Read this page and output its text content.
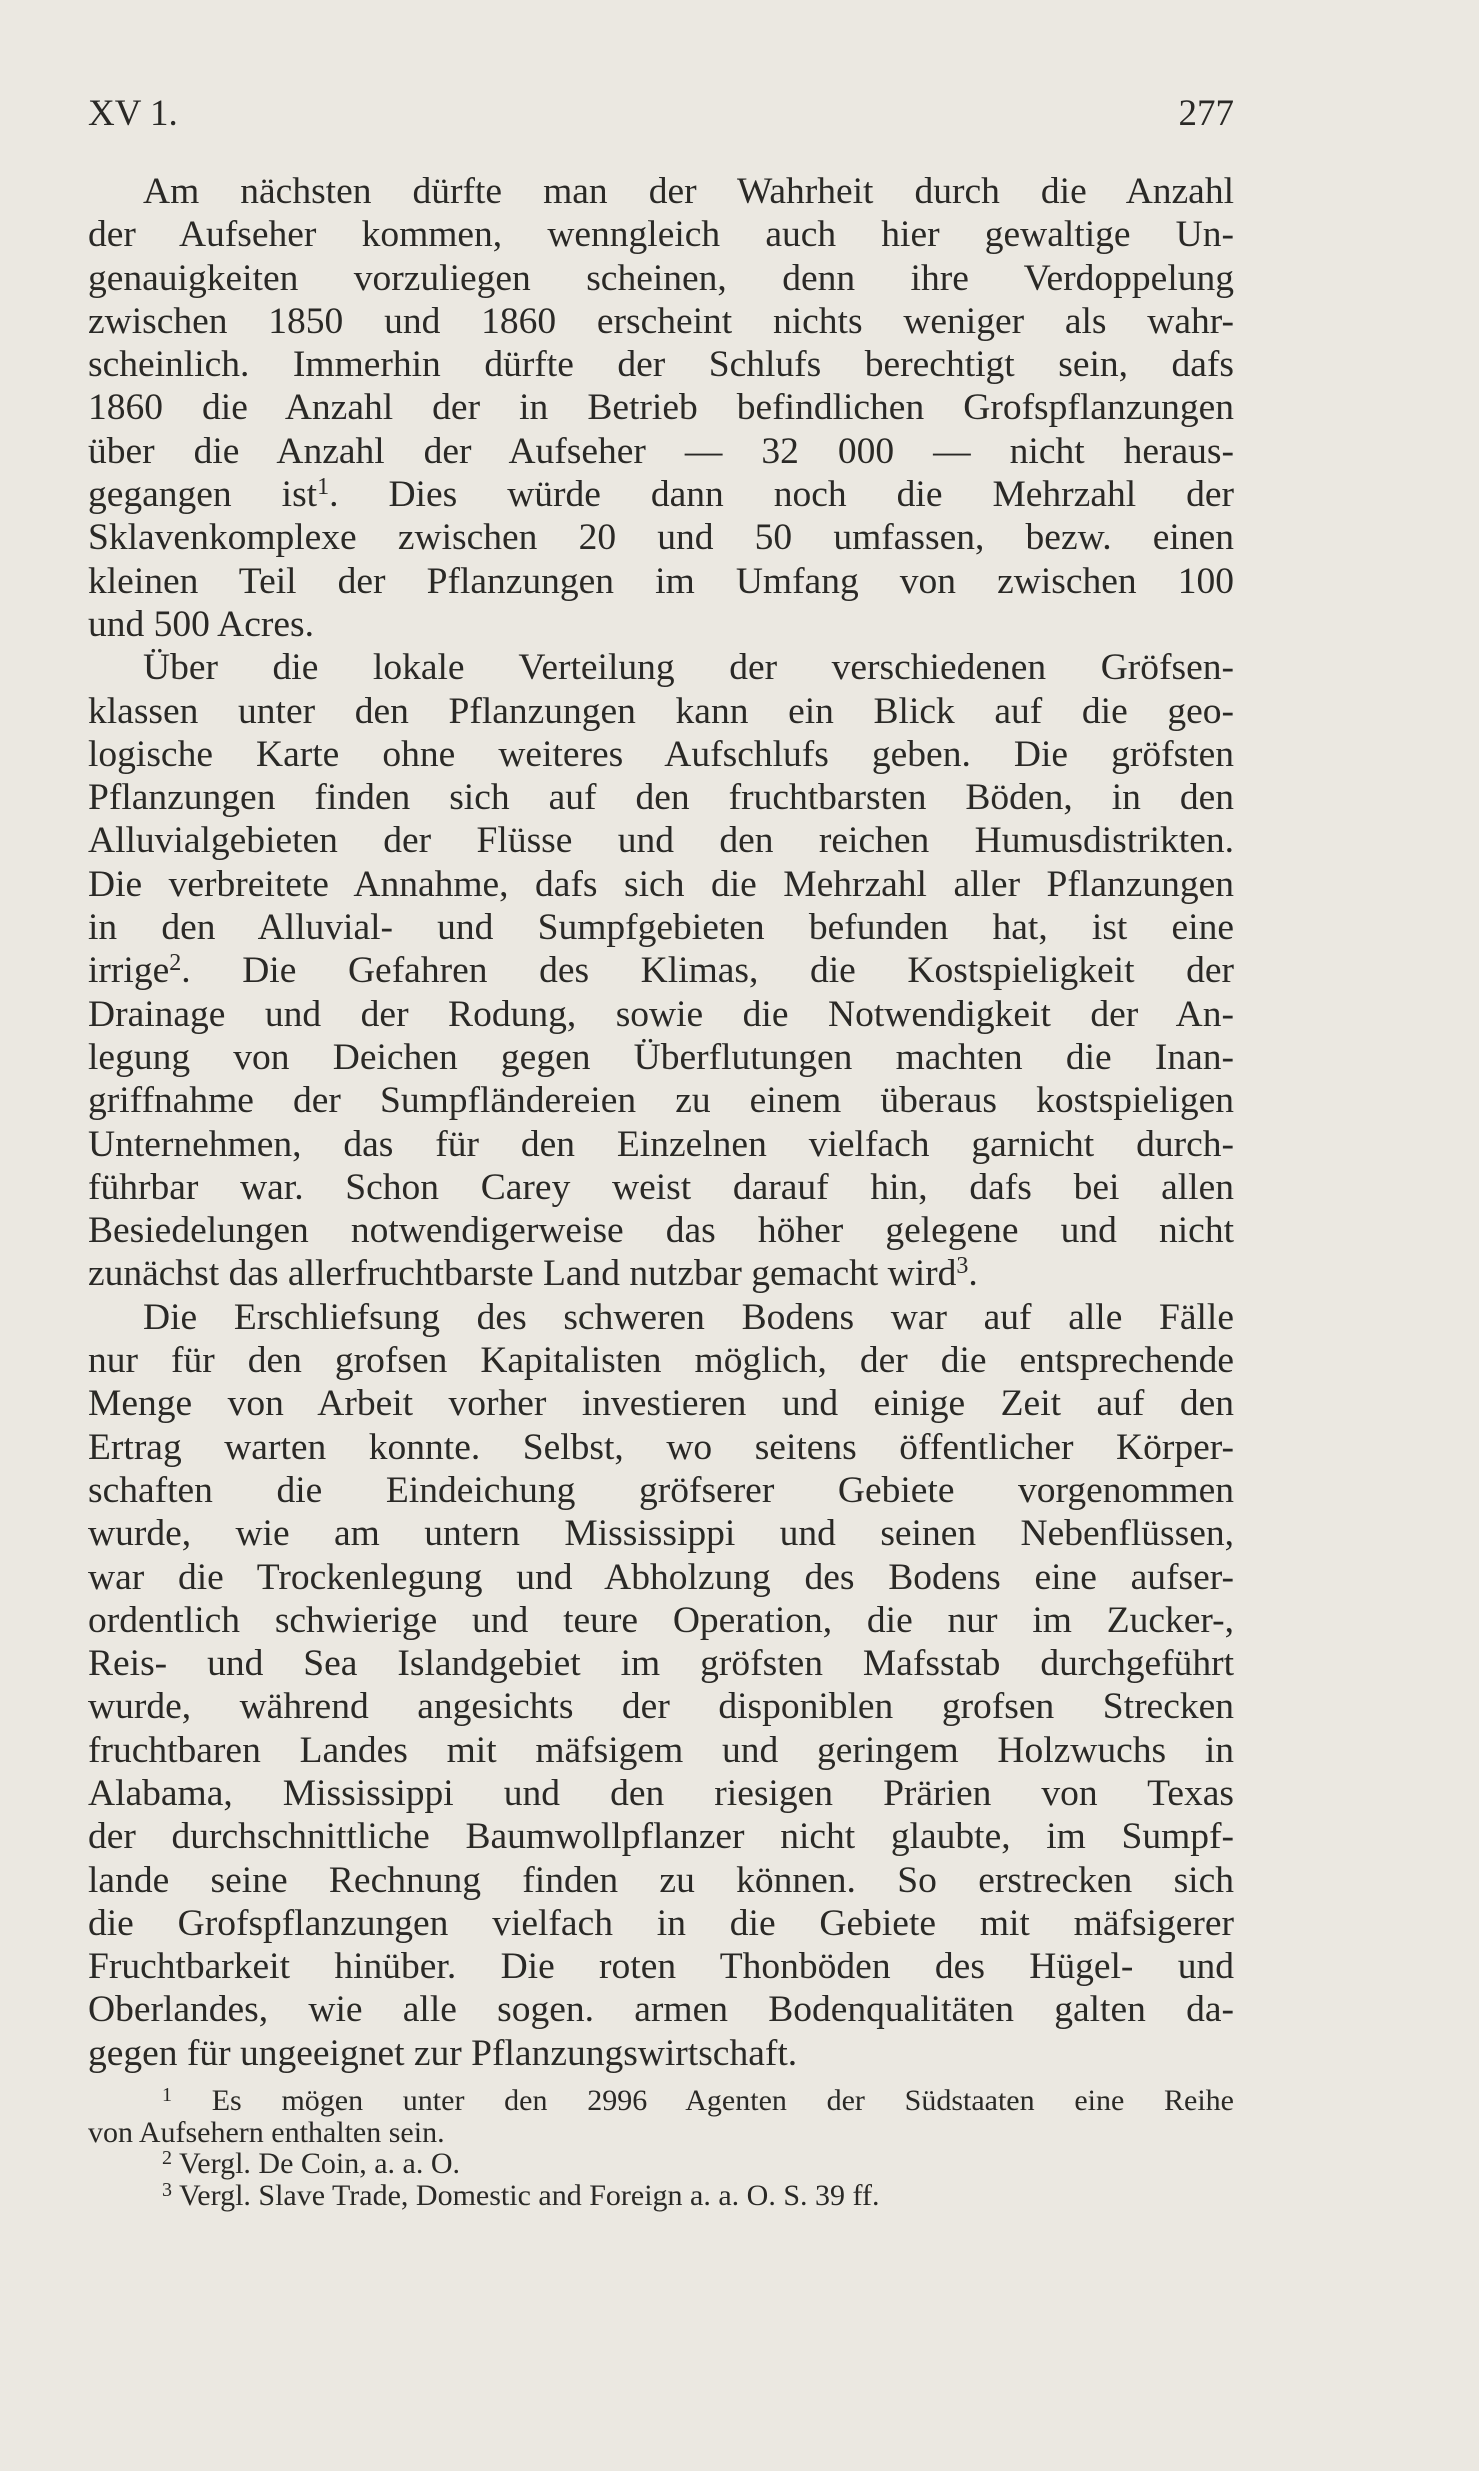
XV 1.	277
Am nächsten dürfte man der Wahrheit durch die Anzahl
der Aufseher kommen, wenngleich auch hier gewaltige Un-
genauigkeiten vorzuliegen scheinen, denn ihre Verdoppelung
zwischen 1850 und 1860 erscheint nichts weniger als wahr-
scheinlich. Immerhin dürfte der Schlufs berechtigt sein, dafs
1860 die Anzahl der in Betrieb befindlichen Grofspflanzungen
über die Anzahl der Aufseher — 32 000 — nicht heraus-
gegangen ist$^1$. Dies würde dann noch die Mehrzahl der
Sklavenkomplexe zwischen 20 und 50 umfassen, bezw. einen
kleinen Teil der Pflanzungen im Umfang von zwischen 100
und 500 Acres.
Über die lokale Verteilung der verschiedenen Gröfsen-
klassen unter den Pflanzungen kann ein Blick auf die geo-
logische Karte ohne weiteres Aufschlufs geben. Die gröfsten
Pflanzungen finden sich auf den fruchtbarsten Böden, in den
Alluvialgebieten der Flüsse und den reichen Humusdistrikten.
Die verbreitete Annahme, dafs sich die Mehrzahl aller Pflanzungen
in den Alluvial- und Sumpfgebieten befunden hat, ist eine
irrige$^2$. Die Gefahren des Klimas, die Kostspieligkeit der
Drainage und der Rodung, sowie die Notwendigkeit der An-
legung von Deichen gegen Überflutungen machten die Inan-
griffnahme der Sumpfländereien zu einem überaus kostspieligen
Unternehmen, das für den Einzelnen vielfach garnicht durch-
führbar war. Schon Carey weist darauf hin, dafs bei allen
Besiedelungen notwendigerweise das höher gelegene und nicht
zunächst das allerfruchtbarste Land nutzbar gemacht wird$^3$.
Die Erschliefsung des schweren Bodens war auf alle Fälle
nur für den grofsen Kapitalisten möglich, der die entsprechende
Menge von Arbeit vorher investieren und einige Zeit auf den
Ertrag warten konnte. Selbst, wo seitens öffentlicher Körper-
schaften die Eindeichung gröfserer Gebiete vorgenommen
wurde, wie am untern Mississippi und seinen Nebenflüssen,
war die Trockenlegung und Abholzung des Bodens eine aufser-
ordentlich schwierige und teure Operation, die nur im Zucker-,
Reis- und Sea Islandgebiet im gröfsten Mafsstab durchgeführt
wurde, während angesichts der disponiblen grofsen Strecken
fruchtbaren Landes mit mäfsigem und geringem Holzwuchs in
Alabama, Mississippi und den riesigen Prärien von Texas
der durchschnittliche Baumwollpflanzer nicht glaubte, im Sumpf-
lande seine Rechnung finden zu können. So erstrecken sich
die Grofspflanzungen vielfach in die Gebiete mit mäfsigerer
Fruchtbarkeit hinüber. Die roten Thonböden des Hügel- und
Oberlandes, wie alle sogen. armen Bodenqualitäten galten da-
gegen für ungeeignet zur Pflanzungswirtschaft.
$^1$ Es mögen unter den 2996 Agenten der Südstaaten eine Reihe
von Aufsehern enthalten sein.
$^2$ Vergl. De Coin, a. a. O.
$^3$ Vergl. Slave Trade, Domestic and Foreign a. a. O. S. 39 ff.
